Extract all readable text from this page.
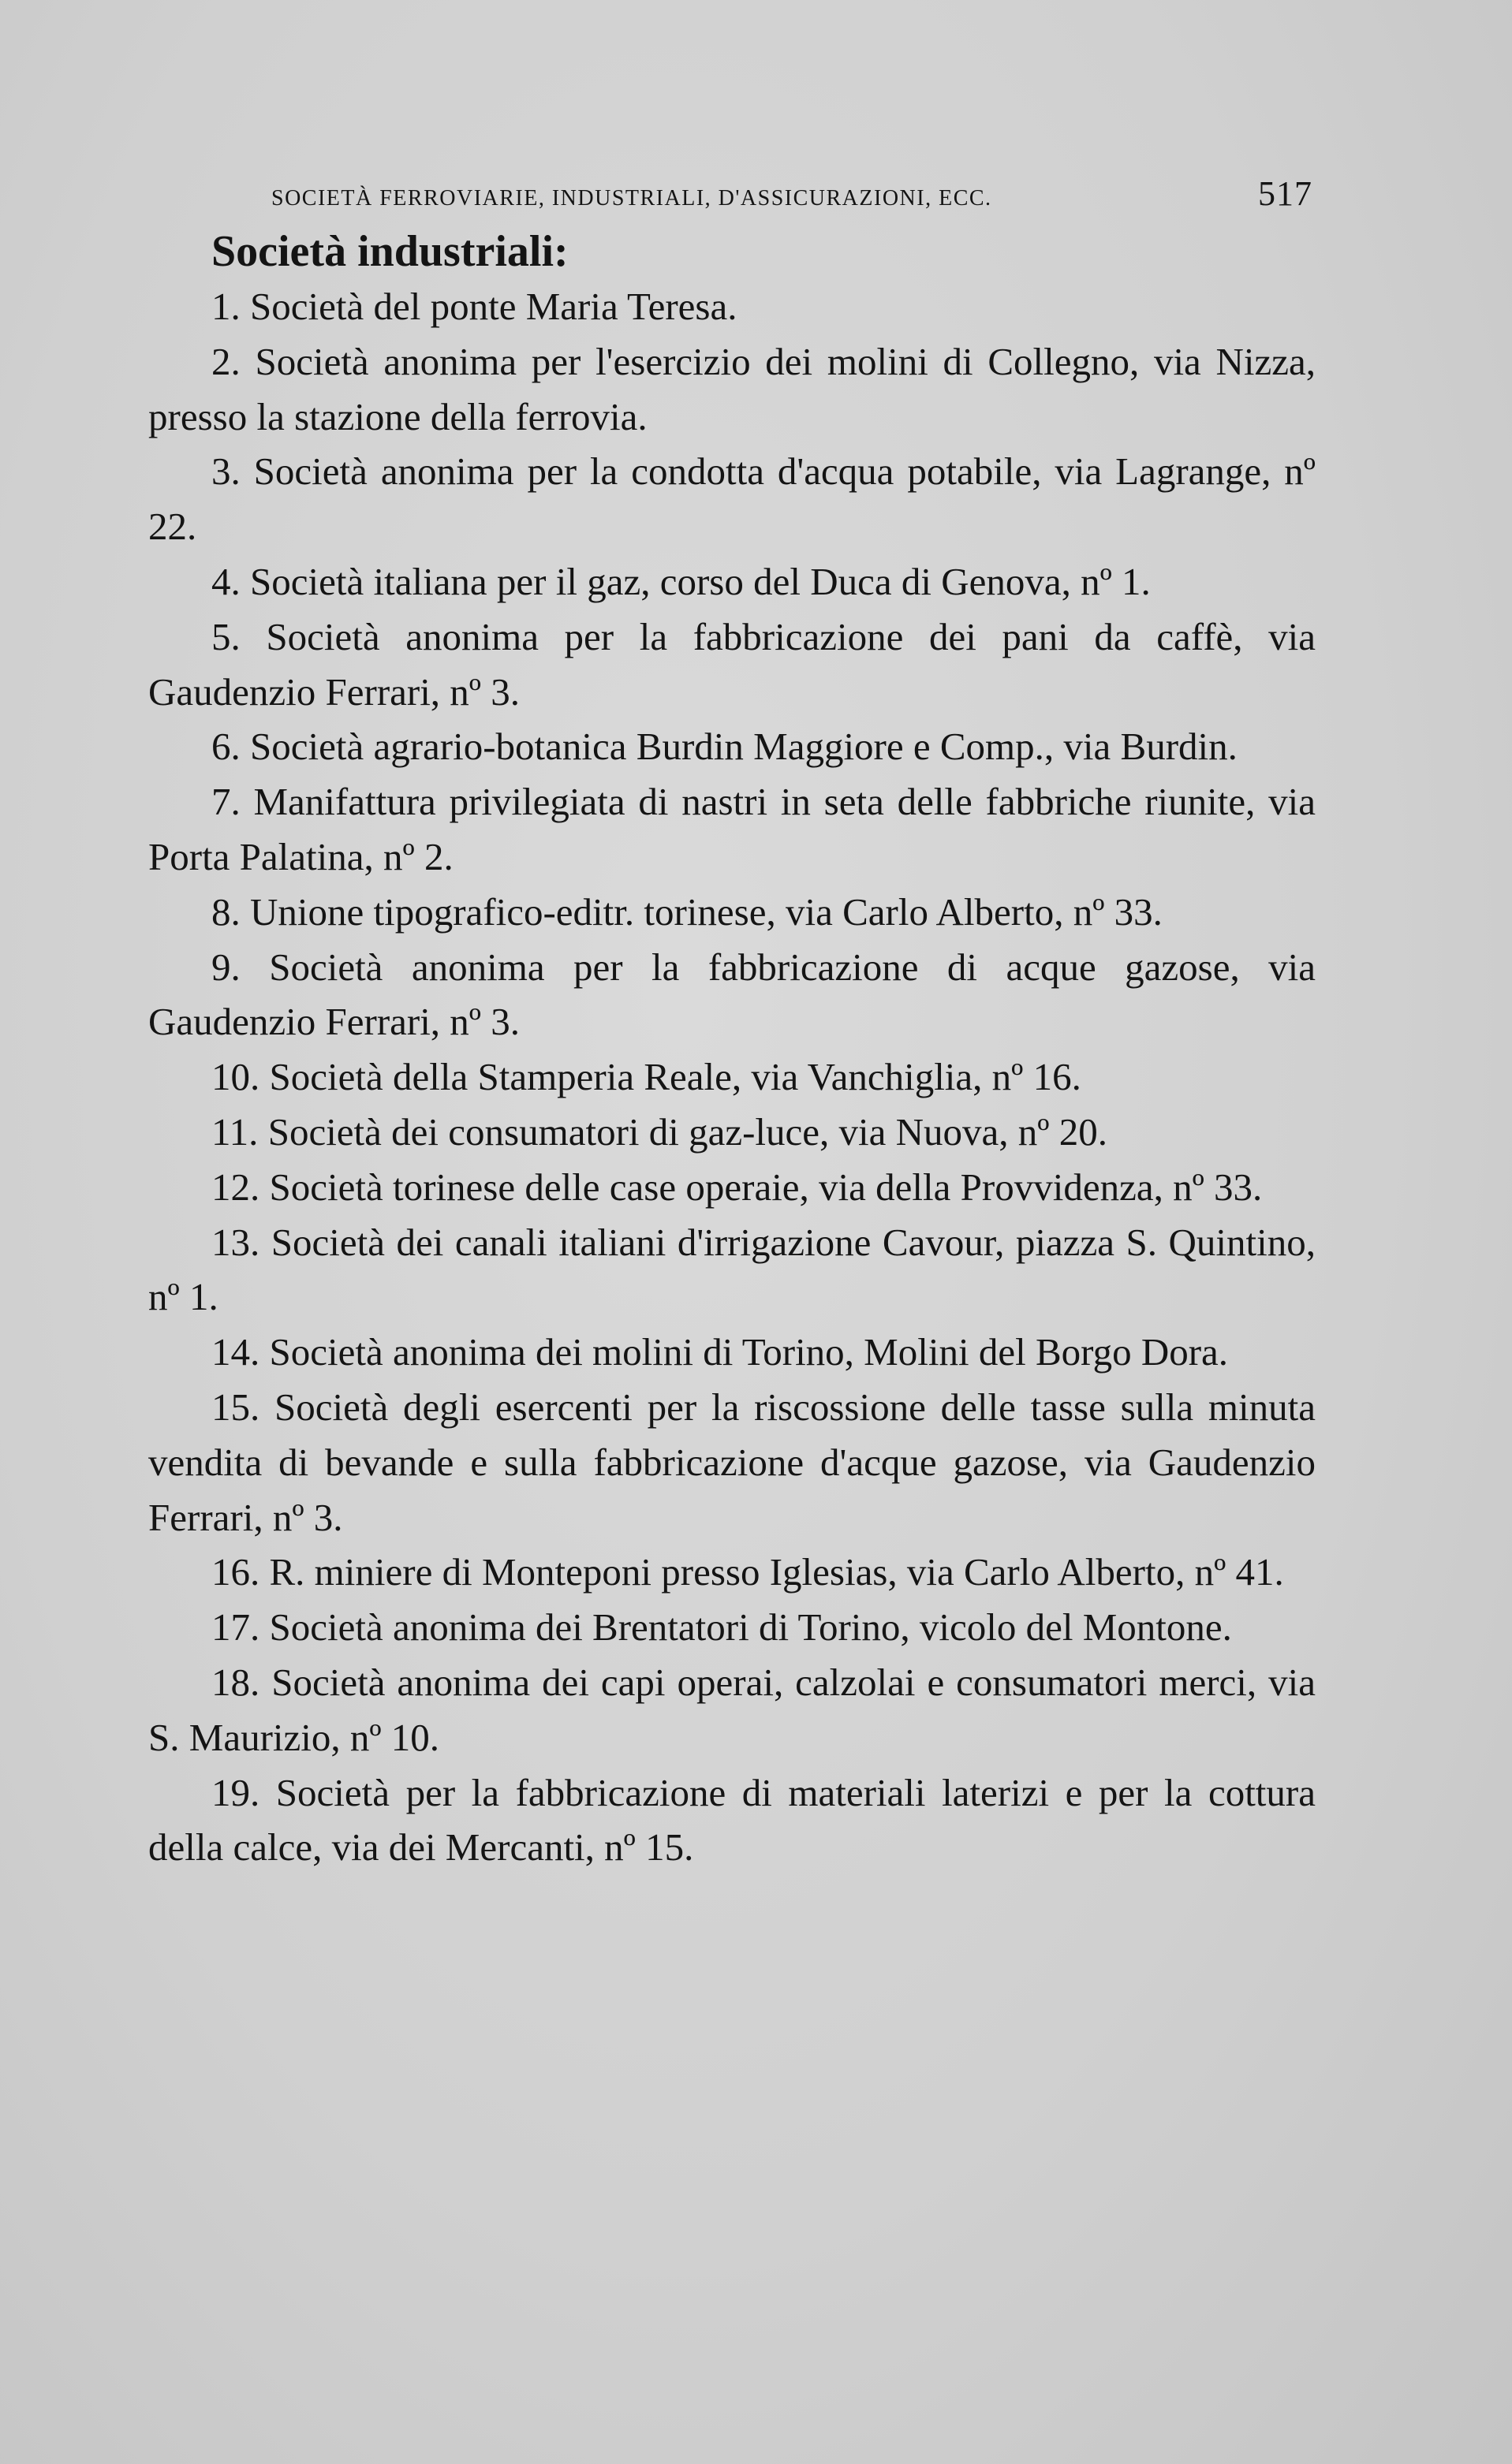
società ferroviarie, industriali, d'assicurazioni, ecc.	517
Società industriali:
1. Società del ponte Maria Teresa.
2. Società anonima per l'esercizio dei molini di Collegno, via Nizza, presso la stazione della ferrovia.
3. Società anonima per la condotta d'acqua potabile, via Lagrange, nº 22.
4. Società italiana per il gaz, corso del Duca di Genova, nº 1.
5. Società anonima per la fabbricazione dei pani da caffè, via Gaudenzio Ferrari, nº 3.
6. Società agrario-botanica Burdin Maggiore e Comp., via Burdin.
7. Manifattura privilegiata di nastri in seta delle fabbriche riunite, via Porta Palatina, nº 2.
8. Unione tipografico-editr. torinese, via Carlo Alberto, nº 33.
9. Società anonima per la fabbricazione di acque gazose, via Gaudenzio Ferrari, nº 3.
10. Società della Stamperia Reale, via Vanchiglia, nº 16.
11. Società dei consumatori di gaz-luce, via Nuova, nº 20.
12. Società torinese delle case operaie, via della Provvidenza, nº 33.
13. Società dei canali italiani d'irrigazione Cavour, piazza S. Quintino, nº 1.
14. Società anonima dei molini di Torino, Molini del Borgo Dora.
15. Società degli esercenti per la riscossione delle tasse sulla minuta vendita di bevande e sulla fabbricazione d'acque gazose, via Gaudenzio Ferrari, nº 3.
16. R. miniere di Monteponi presso Iglesias, via Carlo Alberto, nº 41.
17. Società anonima dei Brentatori di Torino, vicolo del Montone.
18. Società anonima dei capi operai, calzolai e consumatori merci, via S. Maurizio, nº 10.
19. Società per la fabbricazione di materiali laterizi e per la cottura della calce, via dei Mercanti, nº 15.
